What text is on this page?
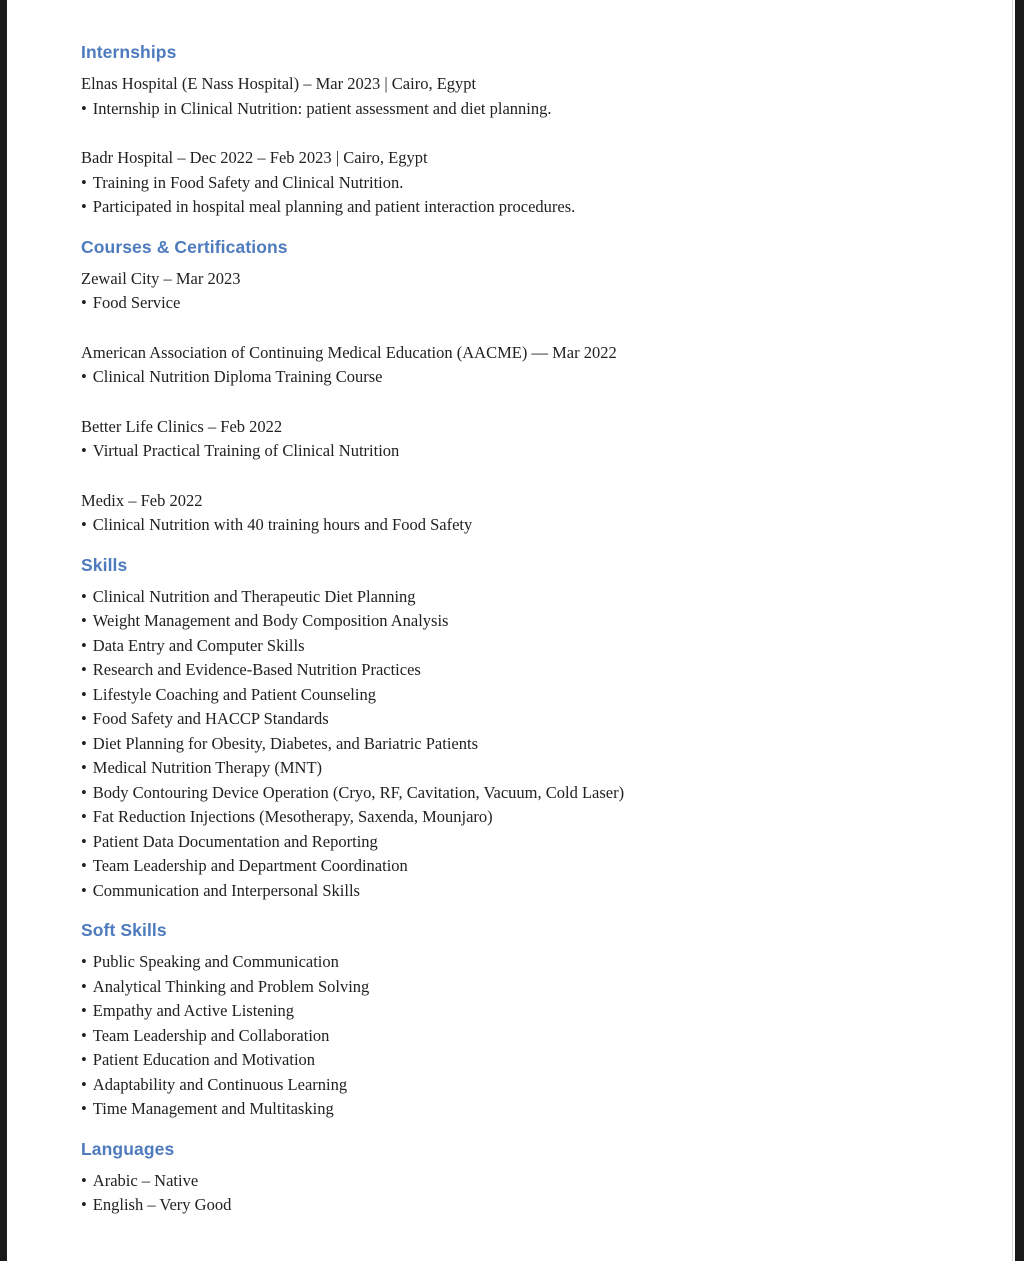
Internships
Elnas Hospital (E Nass Hospital) – Mar 2023 | Cairo, Egypt
• Internship in Clinical Nutrition: patient assessment and diet planning.
Badr Hospital – Dec 2022 – Feb 2023 | Cairo, Egypt
• Training in Food Safety and Clinical Nutrition.
• Participated in hospital meal planning and patient interaction procedures.
Courses & Certifications
Zewail City – Mar 2023
• Food Service
American Association of Continuing Medical Education (AACME) — Mar 2022
• Clinical Nutrition Diploma Training Course
Better Life Clinics – Feb 2022
• Virtual Practical Training of Clinical Nutrition
Medix – Feb 2022
• Clinical Nutrition with 40 training hours and Food Safety
Skills
• Clinical Nutrition and Therapeutic Diet Planning
• Weight Management and Body Composition Analysis
• Data Entry and Computer Skills
• Research and Evidence-Based Nutrition Practices
• Lifestyle Coaching and Patient Counseling
• Food Safety and HACCP Standards
• Diet Planning for Obesity, Diabetes, and Bariatric Patients
• Medical Nutrition Therapy (MNT)
• Body Contouring Device Operation (Cryo, RF, Cavitation, Vacuum, Cold Laser)
• Fat Reduction Injections (Mesotherapy, Saxenda, Mounjaro)
• Patient Data Documentation and Reporting
• Team Leadership and Department Coordination
• Communication and Interpersonal Skills
Soft Skills
• Public Speaking and Communication
• Analytical Thinking and Problem Solving
• Empathy and Active Listening
• Team Leadership and Collaboration
• Patient Education and Motivation
• Adaptability and Continuous Learning
• Time Management and Multitasking
Languages
• Arabic – Native
• English – Very Good
